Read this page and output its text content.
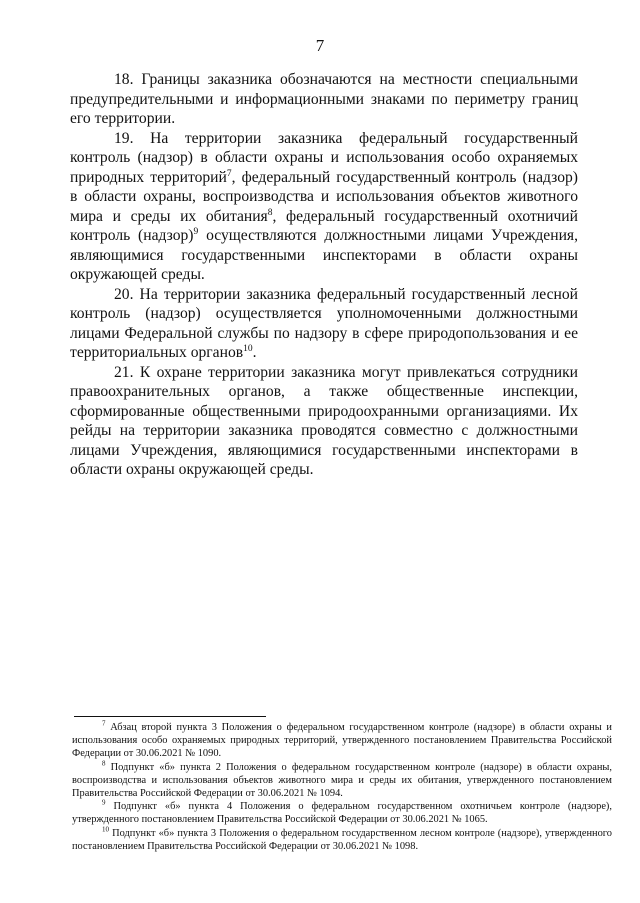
7

18. Границы заказника обозначаются на местности специальными предупредительными и информационными знаками по периметру границ его территории.

19. На территории заказника федеральный государственный контроль (надзор) в области охраны и использования особо охраняемых природных территорий$^7$, федеральный государственный контроль (надзор) в области охраны, воспроизводства и использования объектов животного мира и среды их обитания$^8$, федеральный государственный охотничий контроль (надзор)$^9$ осуществляются должностными лицами Учреждения, являющимися государственными инспекторами в области охраны окружающей среды.

20. На территории заказника федеральный государственный лесной контроль (надзор) осуществляется уполномоченными должностными лицами Федеральной службы по надзору в сфере природопользования и ее территориальных органов$^{10}$.

21. К охране территории заказника могут привлекаться сотрудники правоохранительных органов, а также общественные инспекции, сформированные общественными природоохранными организациями. Их рейды на территории заказника проводятся совместно с должностными лицами Учреждения, являющимися государственными инспекторами в области охраны окружающей среды.

$^7$ Абзац второй пункта 3 Положения о федеральном государственном контроле (надзоре) в области охраны и использования особо охраняемых природных территорий, утвержденного постановлением Правительства Российской Федерации от 30.06.2021 № 1090.

$^8$ Подпункт «б» пункта 2 Положения о федеральном государственном контроле (надзоре) в области охраны, воспроизводства и использования объектов животного мира и среды их обитания, утвержденного постановлением Правительства Российской Федерации от 30.06.2021 № 1094.

$^9$ Подпункт «б» пункта 4 Положения о федеральном государственном охотничьем контроле (надзоре), утвержденного постановлением Правительства Российской Федерации от 30.06.2021 № 1065.

$^{10}$ Подпункт «б» пункта 3 Положения о федеральном государственном лесном контроле (надзоре), утвержденного постановлением Правительства Российской Федерации от 30.06.2021 № 1098.
